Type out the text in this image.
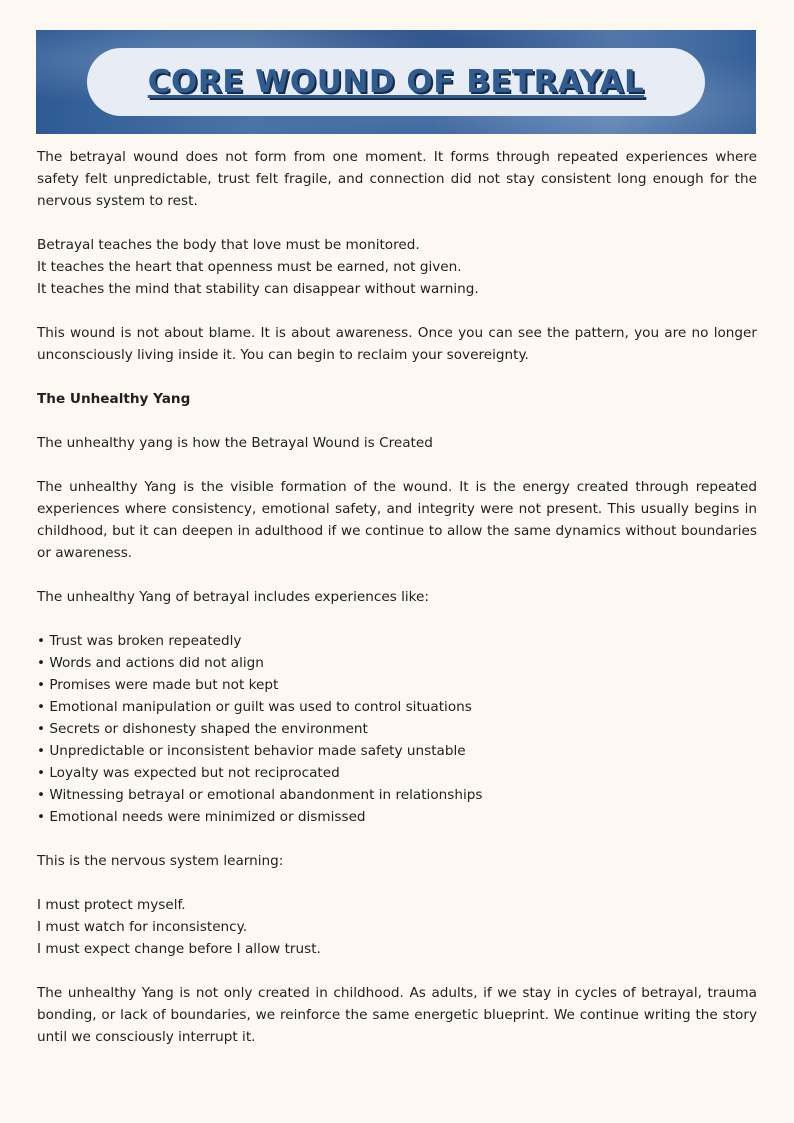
CORE WOUND OF BETRAYAL

The betrayal wound does not form from one moment. It forms through repeated experiences where safety felt unpredictable, trust felt fragile, and connection did not stay consistent long enough for the nervous system to rest.

Betrayal teaches the body that love must be monitored.
It teaches the heart that openness must be earned, not given.
It teaches the mind that stability can disappear without warning.

This wound is not about blame. It is about awareness. Once you can see the pattern, you are no longer unconsciously living inside it. You can begin to reclaim your sovereignty.

The Unhealthy Yang

The unhealthy yang is how the Betrayal Wound is Created

The unhealthy Yang is the visible formation of the wound. It is the energy created through repeated experiences where consistency, emotional safety, and integrity were not present. This usually begins in childhood, but it can deepen in adulthood if we continue to allow the same dynamics without boundaries or awareness.

The unhealthy Yang of betrayal includes experiences like:

• Trust was broken repeatedly
• Words and actions did not align
• Promises were made but not kept
• Emotional manipulation or guilt was used to control situations
• Secrets or dishonesty shaped the environment
• Unpredictable or inconsistent behavior made safety unstable
• Loyalty was expected but not reciprocated
• Witnessing betrayal or emotional abandonment in relationships
• Emotional needs were minimized or dismissed

This is the nervous system learning:

I must protect myself.
I must watch for inconsistency.
I must expect change before I allow trust.

The unhealthy Yang is not only created in childhood. As adults, if we stay in cycles of betrayal, trauma bonding, or lack of boundaries, we reinforce the same energetic blueprint. We continue writing the story until we consciously interrupt it.
